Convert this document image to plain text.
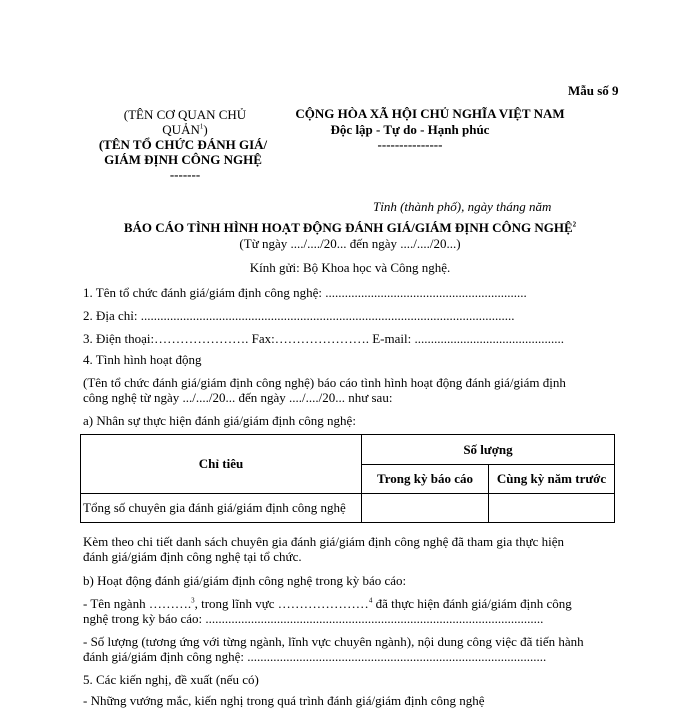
Mẫu số 9
(TÊN CƠ QUAN CHỦ
QUẢN$^1$)
(TÊN TỔ CHỨC ĐÁNH GIÁ/
GIÁM ĐỊNH CÔNG NGHỆ
-------
CỘNG HÒA XÃ HỘI CHỦ NGHĨA VIỆT NAM
Độc lập - Tự do - Hạnh phúc
---------------
Tỉnh (thành phố), ngày tháng năm
BÁO CÁO TÌNH HÌNH HOẠT ĐỘNG ĐÁNH GIÁ/GIÁM ĐỊNH CÔNG NGHỆ$^2$
(Từ ngày ..../..../20... đến ngày ..../..../20...)
Kính gửi: Bộ Khoa học và Công nghệ.
1. Tên tổ chức đánh giá/giám định công nghệ: ..............................................................
2. Địa chỉ: ...................................................................................................................
3. Điện thoại:…………………. Fax:…………………. E-mail: ..............................................
4. Tình hình hoạt động
(Tên tổ chức đánh giá/giám định công nghệ) báo cáo tình hình hoạt động đánh giá/giám định
công nghệ từ ngày .../..../20... đến ngày ..../..../20... như sau:
a) Nhân sự thực hiện đánh giá/giám định công nghệ:
Chỉ tiêu	Số lượng	
	Trong kỳ báo cáo	Cùng kỳ năm trước
Tổng số chuyên gia đánh giá/giám định công nghệ		
Kèm theo chi tiết danh sách chuyên gia đánh giá/giám định công nghệ đã tham gia thực hiện
đánh giá/giám định công nghệ tại tổ chức.
b) Hoạt động đánh giá/giám định công nghệ trong kỳ báo cáo:
- Tên ngành ……….$^3$, trong lĩnh vực …………………$^4$ đã thực hiện đánh giá/giám định công
nghệ trong kỳ báo cáo: ........................................................................................................
- Số lượng (tương ứng với từng ngành, lĩnh vực chuyên ngành), nội dung công việc đã tiến hành
đánh giá/giám định công nghệ: ............................................................................................
5. Các kiến nghị, đề xuất (nếu có)
- Những vướng mắc, kiến nghị trong quá trình đánh giá/giám định công nghệ
